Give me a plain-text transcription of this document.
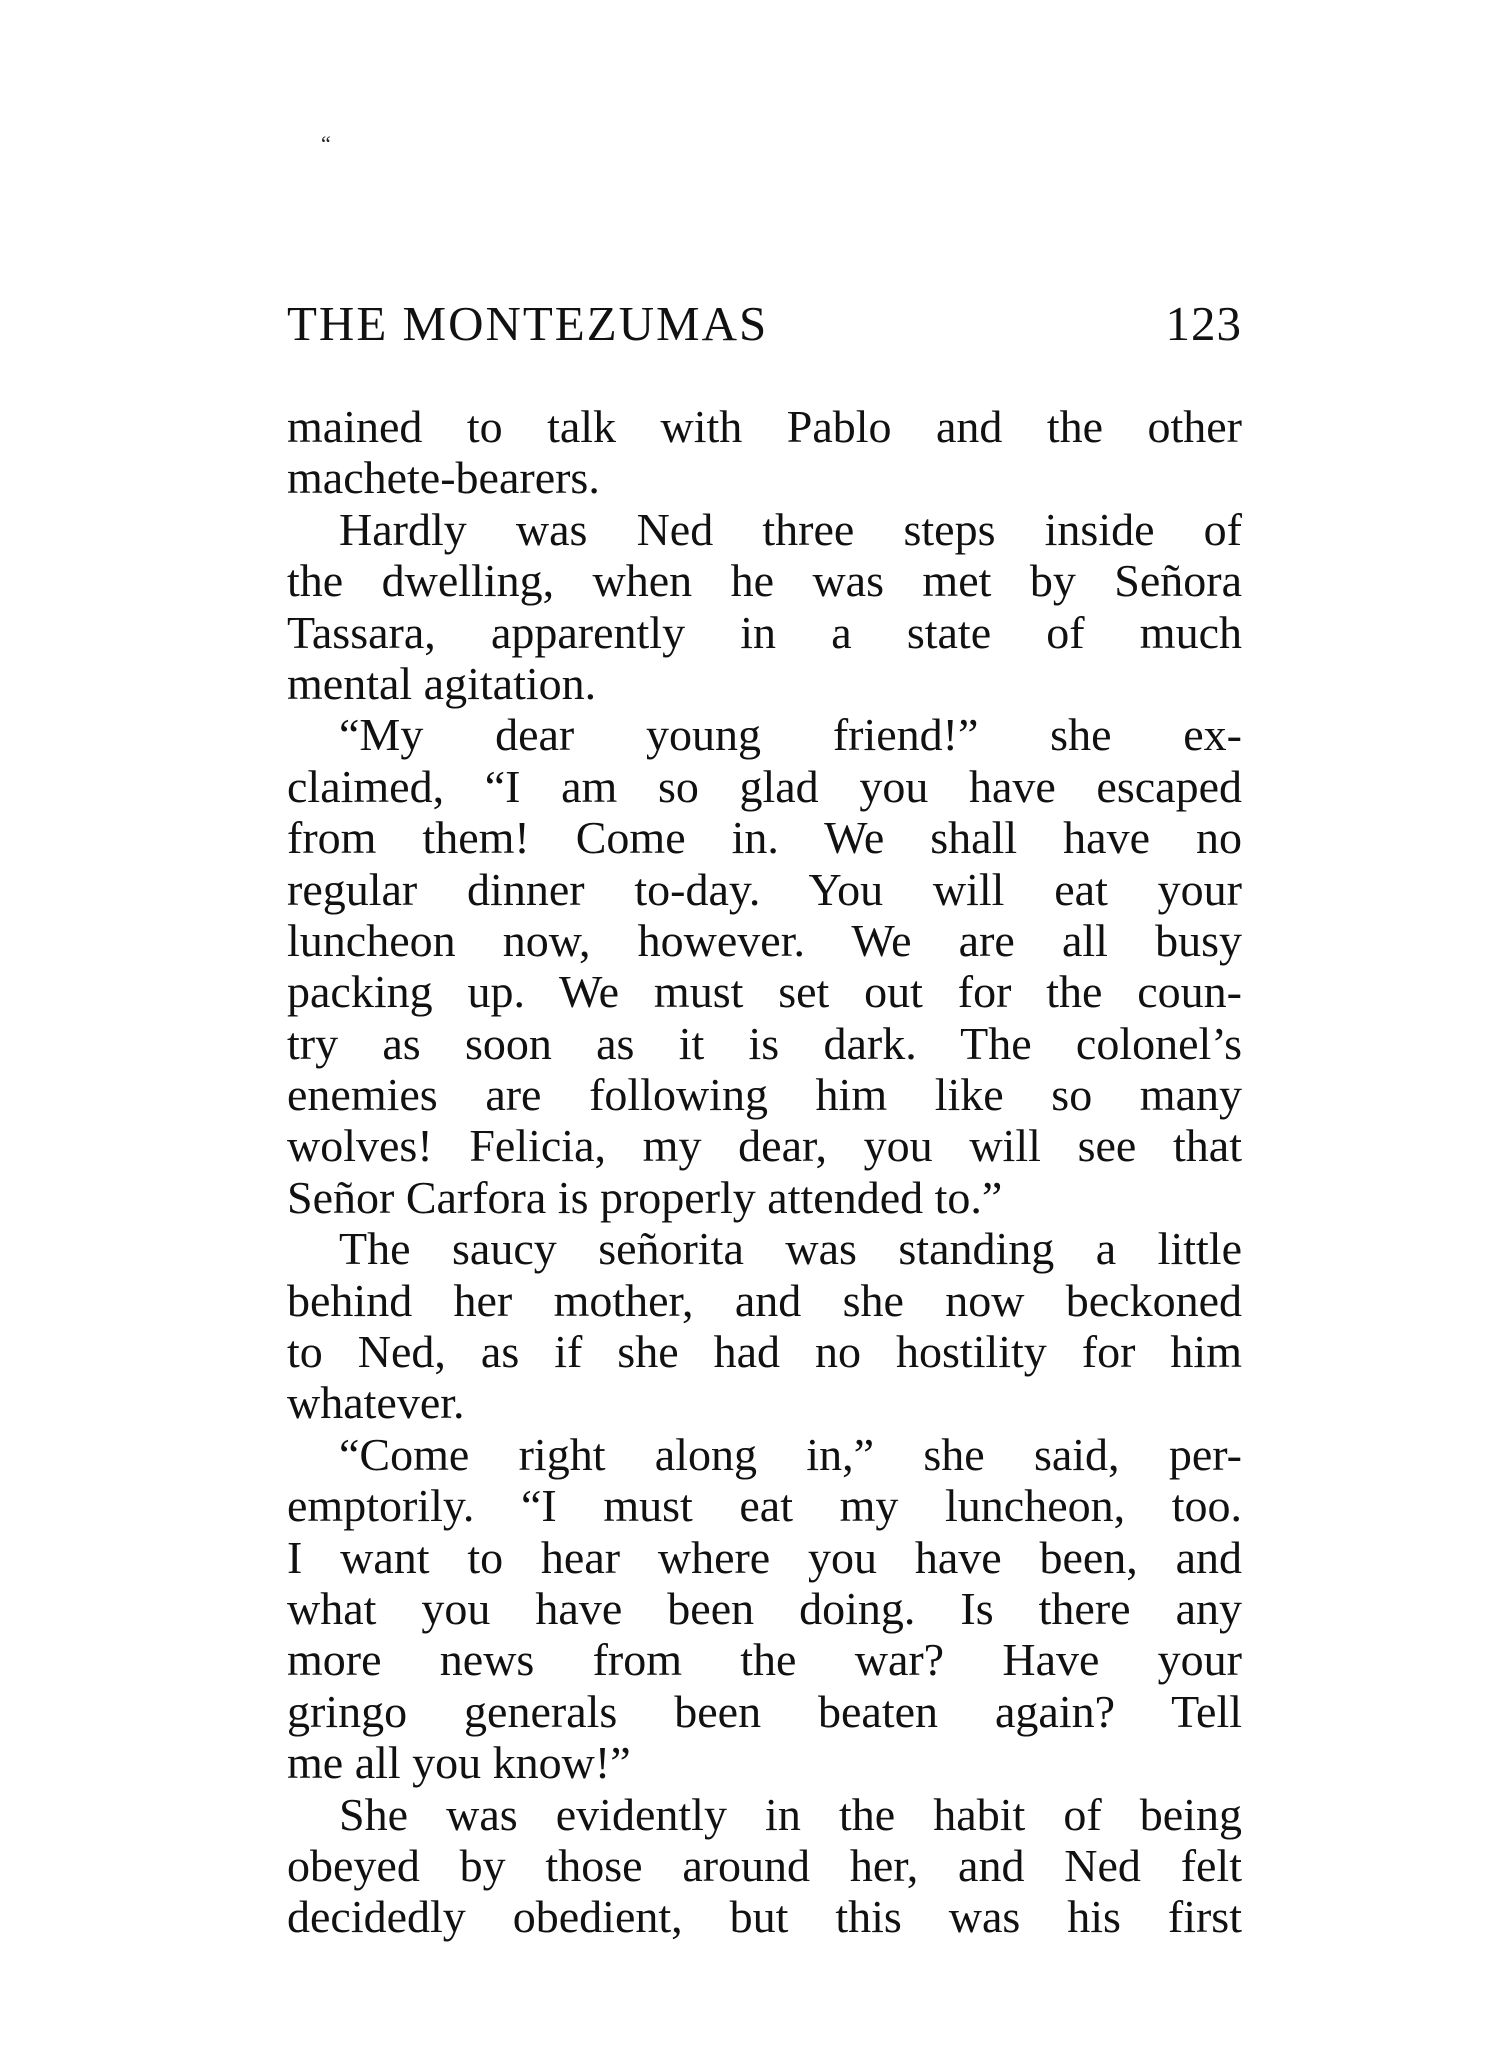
“
THE MONTEZUMAS	123
mained to talk with Pablo and the other
machete-bearers.
Hardly was Ned three steps inside of
the dwelling, when he was met by Señora
Tassara, apparently in a state of much
mental agitation.
“My dear young friend!” she ex-
claimed, “I am so glad you have escaped
from them! Come in. We shall have no
regular dinner to-day. You will eat your
luncheon now, however. We are all busy
packing up. We must set out for the coun-
try as soon as it is dark. The colonel’s
enemies are following him like so many
wolves! Felicia, my dear, you will see that
Señor Carfora is properly attended to.”
The saucy señorita was standing a little
behind her mother, and she now beckoned
to Ned, as if she had no hostility for him
whatever.
“Come right along in,” she said, per-
emptorily. “I must eat my luncheon, too.
I want to hear where you have been, and
what you have been doing. Is there any
more news from the war? Have your
gringo generals been beaten again? Tell
me all you know!”
She was evidently in the habit of being
obeyed by those around her, and Ned felt
decidedly obedient, but this was his first
